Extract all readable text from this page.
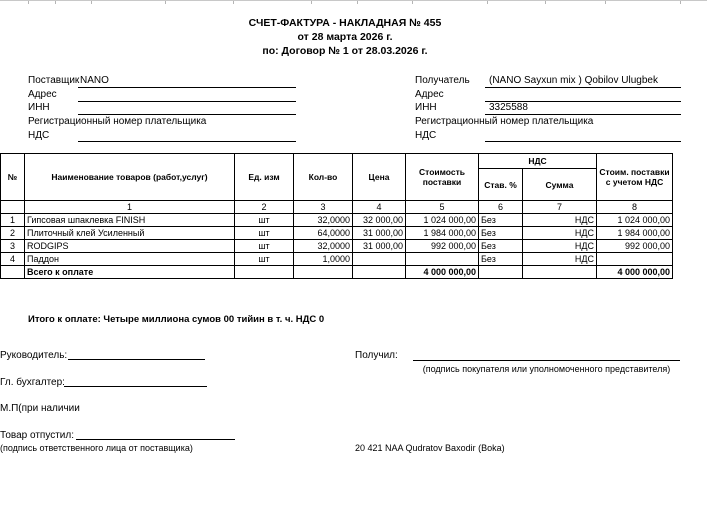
СЧЕТ-ФАКТУРА - НАКЛАДНАЯ № 455
от 28 марта 2026 г.
по: Договор № 1 от 28.03.2026 г.
Поставщик NANO
Адрес
ИНН
Регистрационный номер плательщика
НДС
Получатель (NANO Sayxun mix ) Qobilov Ulugbek
Адрес
ИНН	3325588
Регистрационный номер плательщика
НДС
№	Наименование товаров (работ,услуг)	Ед. изм	Кол-во	Цена	Стоимость поставки	НДС		Стоим. поставки с учетом НДС
						Став. %	Сумма	
	1	2	3	4	5	6	7	8
1	Гипсовая шпаклевка FINISH	шт	32,0000	32 000,00	1 024 000,00	Без	НДС	1 024 000,00
2	Плиточный клей Усиленный	шт	64,0000	31 000,00	1 984 000,00	Без	НДС	1 984 000,00
3	RODGIPS	шт	32,0000	31 000,00	992 000,00	Без	НДС	992 000,00
4	Паддон	шт	1,0000			Без	НДС	
	Всего к оплате				4 000 000,00			4 000 000,00
Итого к оплате: Четыре миллиона сумов 00 тийин в т. ч. НДС 0
Руководитель:	Получил:
(подпись покупателя или уполномоченного представителя)
Гл. бухгалтер:
М.П(при наличии
Товар отпустил:
(подпись ответственного лица от поставщика)	20 421 NAA Qudratov Baxodir (Boka)
